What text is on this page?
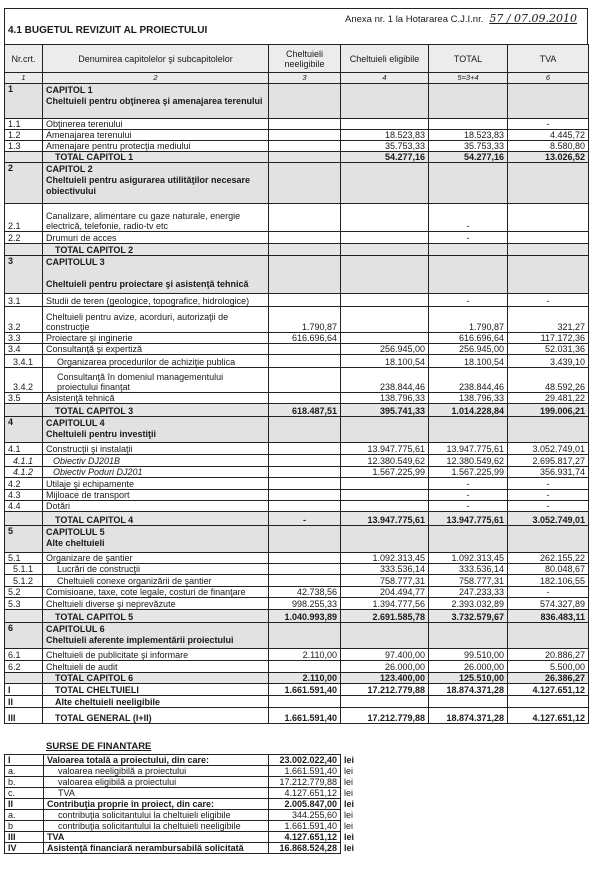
Anexa nr. 1 la Hotararea C.J.I.nr. 57 / 07.09.2010
4.1 BUGETUL REVIZUIT AL PROIECTULUI
Nr.crt.	Denumirea capitolelor şi subcapitolelor	Cheltuieli neeligibile	Cheltuieli eligibile	TOTAL	TVA
1	2	3	4	5=3+4	6
1	CAPITOL 1
Cheltuieli pentru obţinerea şi amenajarea terenului				
1.1	Obţinerea terenului				-
1.2	Amenajarea terenului		18.523,83	18.523,83	4.445,72
1.3	Amenajare pentru protecţia mediului		35.753,33	35.753,33	8.580,80
	TOTAL CAPITOL 1		54.277,16	54.277,16	13.026,52
2	CAPITOL 2
Cheltuieli pentru asigurarea utilităţilor necesare obiectivului				
2.1	Canalizare, alimentare cu gaze naturale, energie electrică, telefonie, radio-tv etc			-	
2.2	Drumuri de acces			-	
	TOTAL CAPITOL 2				
3	CAPITOLUL 3

Cheltuieli pentru proiectare şi asistenţă tehnică				
3.1	Studii de teren (geologice, topografice, hidrologice)			-	-
3.2	Cheltuieli pentru avize, acorduri, autorizaţii de construcţie	1.790,87		1.790,87	321,27
3.3	Proiectare şi inginerie	616.696,64		616.696,64	117.172,36
3.4	Consultanţă şi expertiză		256.945,00	256.945,00	52.031,36
3.4.1	Organizarea procedurilor de achiziţie publica		18.100,54	18.100,54	3.439,10
3.4.2	Consultanţă în domeniul managementului proiectului finanţat		238.844,46	238.844,46	48.592,26
3.5	Asistenţă tehnică		138.796,33	138.796,33	29.481,22
	TOTAL CAPITOL 3	618.487,51	395.741,33	1.014.228,84	199.006,21
4	CAPITOLUL 4
Cheltuieli pentru investiţii				
4.1	Construcţii şi instalaţii		13.947.775,61	13.947.775,61	3.052.749,01
4.1.1	Obiectiv DJ201B		12.380.549,62	12.380.549,62	2.695.817,27
4.1.2	Obiectiv Poduri DJ201		1.567.225,99	1.567.225,99	356.931,74
4.2	Utilaje şi echipamente			-	-
4.3	Mijloace de transport			-	-
4.4	Dotări			-	-
	TOTAL CAPITOL 4	-	13.947.775,61	13.947.775,61	3.052.749,01
5	CAPITOLUL 5
Alte cheltuieli				
5.1	Organizare de şantier		1.092.313,45	1.092.313,45	262.155,22
5.1.1	Lucrări de construcţii		333.536,14	333.536,14	80.048,67
5.1.2	Cheltuieli conexe organizării de şantier		758.777,31	758.777,31	182.106,55
5.2	Comisioane, taxe, cote legale, costuri de finanţare	42.738,56	204.494,77	247.233,33	-
5.3	Cheltuieli diverse şi neprevăzute	998.255,33	1.394.777,56	2.393.032,89	574.327,89
	TOTAL CAPITOL 5	1.040.993,89	2.691.585,78	3.732.579,67	836.483,11
6	CAPITOLUL 6
Cheltuieli aferente implementării proiectului				
6.1	Cheltuieli de publicitate şi informare	2.110,00	97.400,00	99.510,00	20.886,27
6.2	Cheltuieli de audit		26.000,00	26.000,00	5.500,00
	TOTAL CAPITOL 6	2.110,00	123.400,00	125.510,00	26.386,27
I	TOTAL CHELTUIELI	1.661.591,40	17.212.779,88	18.874.371,28	4.127.651,12
II	Alte cheltuieli neeligibile				
III	TOTAL GENERAL (I+II)	1.661.591,40	17.212.779,88	18.874.371,28	4.127.651,12
SURSE DE FINANTARE
I	Valoarea totală a proiectului, din care:	23.002.022,40	lei
a.	valoarea neeligibilă a proiectului	1.661.591,40	lei
b.	valoarea eligibilă a proiectului	17.212.779,88	lei
c.	TVA	4.127.651,12	lei
II	Contribuţia proprie în proiect, din care:	2.005.847,00	lei
a.	contribuţia solicitantului la cheltuieli eligibile	344.255,60	lei
b	contribuţia solicitantului la cheltuieli neeligibile	1.661.591,40	lei
III	TVA	4.127.651,12	lei
IV	Asistenţă financiară nerambursabilă solicitată	16.868.524,28	lei
